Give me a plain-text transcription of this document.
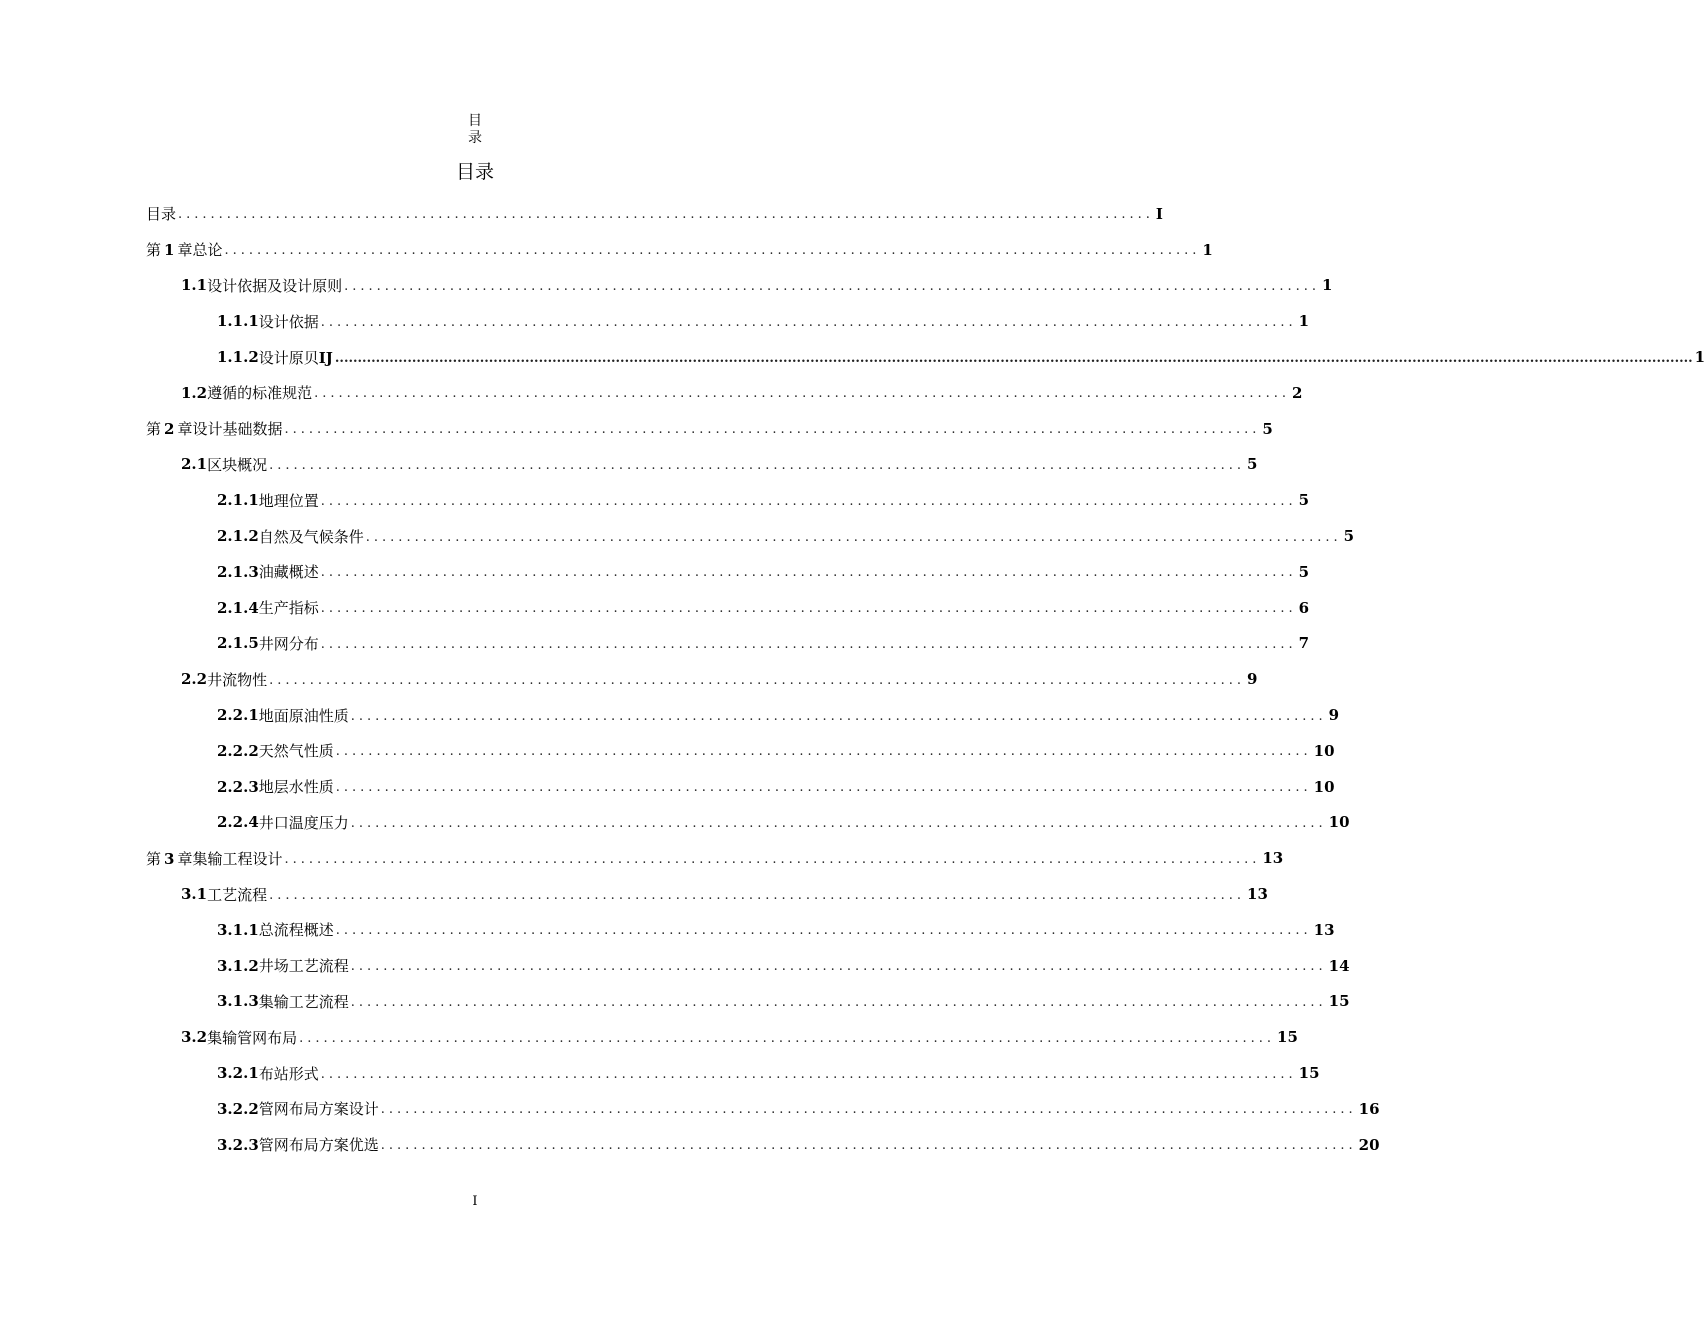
目
录
目录
目录 ........................................................................................................................ I
第 1 章总论 ........................................................................................................................ 1
1.1 设计依据及设计原则 ........................................................................................................................ 1
1.1.1 设计依据 ........................................................................................................................ 1
1.1.2 设计原贝IJ ............................................................................................................................................................................................................................................................................................................ 1
1.2 遵循的标准规范 ........................................................................................................................ 2
第 2 章设计基础数据 ........................................................................................................................ 5
2.1 区块概况 ........................................................................................................................ 5
2.1.1 地理位置 ........................................................................................................................ 5
2.1.2 自然及气候条件 ........................................................................................................................ 5
2.1.3 油藏概述 ........................................................................................................................ 5
2.1.4 生产指标 ........................................................................................................................ 6
2.1.5 井网分布 ........................................................................................................................ 7
2.2 井流物性 ........................................................................................................................ 9
2.2.1 地面原油性质 ........................................................................................................................ 9
2.2.2 天然气性质 ........................................................................................................................ 10
2.2.3 地层水性质 ........................................................................................................................ 10
2.2.4 井口温度压力 ........................................................................................................................ 10
第 3 章集输工程设计 ........................................................................................................................ 13
3.1 工艺流程 ........................................................................................................................ 13
3.1.1 总流程概述 ........................................................................................................................ 13
3.1.2 井场工艺流程 ........................................................................................................................ 14
3.1.3 集输工艺流程 ........................................................................................................................ 15
3.2 集输管网布局 ........................................................................................................................ 15
3.2.1 布站形式 ........................................................................................................................ 15
3.2.2 管网布局方案设计 ........................................................................................................................ 16
3.2.3 管网布局方案优选 ........................................................................................................................ 20
I
